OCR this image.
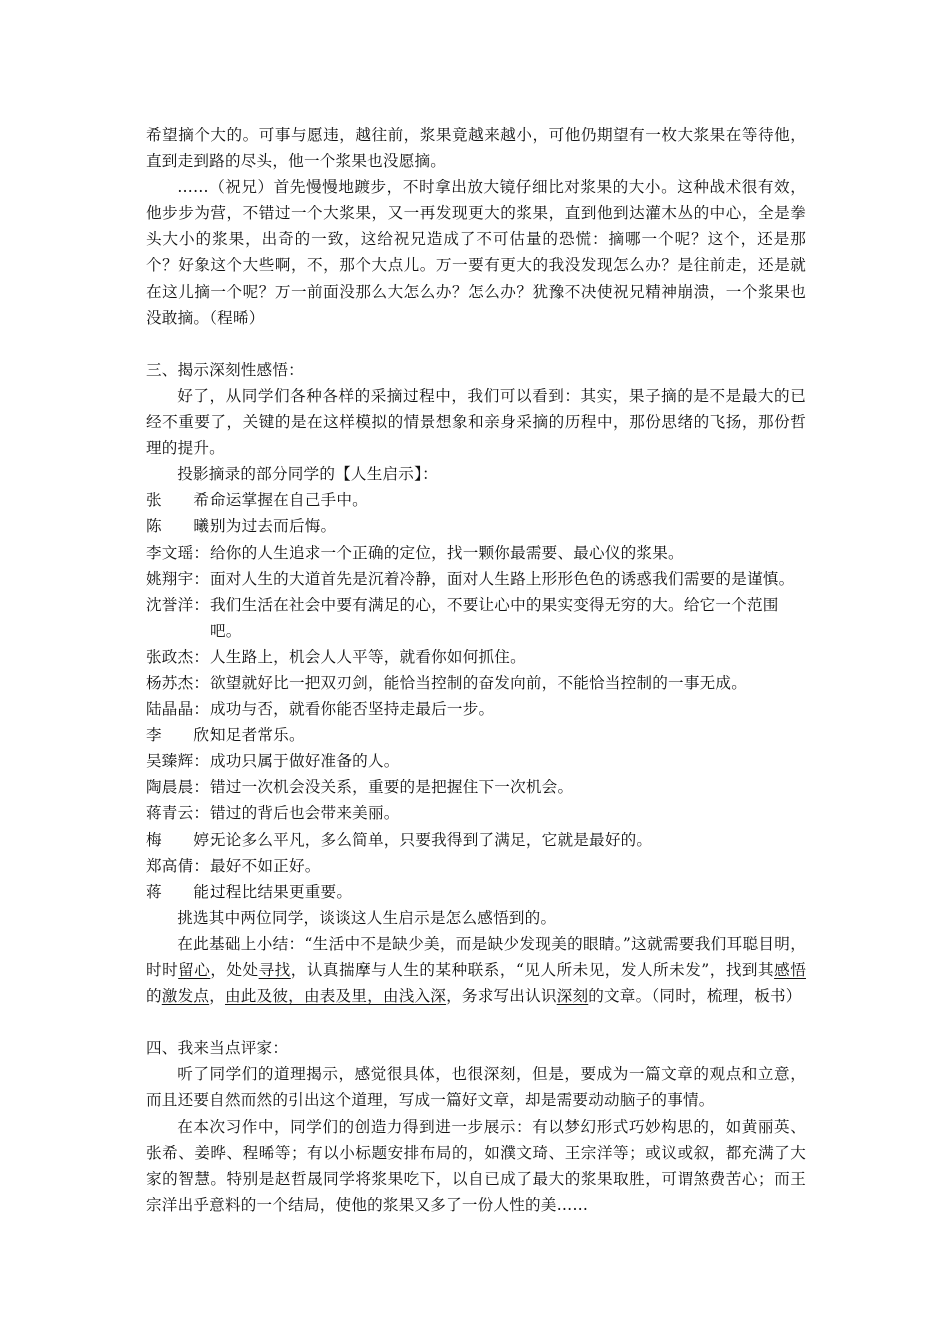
希望摘个大的。可事与愿违，越往前，浆果竟越来越小，可他仍期望有一枚大浆果在等待他，直到走到路的尽头，他一个浆果也没愿摘。

……（祝兄）首先慢慢地踱步，不时拿出放大镜仔细比对浆果的大小。这种战术很有效，他步步为营，不错过一个大浆果，又一再发现更大的浆果，直到他到达灌木丛的中心，全是拳头大小的浆果，出奇的一致，这给祝兄造成了不可估量的恐慌：摘哪一个呢？这个，还是那个？好象这个大些啊，不，那个大点儿。万一要有更大的我没发现怎么办？是往前走，还是就在这儿摘一个呢？万一前面没那么大怎么办？怎么办？犹豫不决使祝兄精神崩溃，一个浆果也没敢摘。（程晞）

三、揭示深刻性感悟：

好了，从同学们各种各样的采摘过程中，我们可以看到：其实，果子摘的是不是最大的已经不重要了，关键的是在这样模拟的情景想象和亲身采摘的历程中，那份思绪的飞扬，那份哲理的提升。

投影摘录的部分同学的【人生启示】：

张　　希：
命运掌握在自己手中。
陈　　曦：
别为过去而后悔。
李文瑶： 给你的人生追求一个正确的定位，找一颗你最需要、最心仪的浆果。
姚翔宇： 面对人生的大道首先是沉着冷静，面对人生路上形形色色的诱惑我们需要的是谨慎。
沈誉洋： 我们生活在社会中要有满足的心，不要让心中的果实变得无穷的大。给它一个范围吧。
张政杰： 人生路上，机会人人平等，就看你如何抓住。
杨苏杰： 欲望就好比一把双刃剑，能恰当控制的奋发向前，不能恰当控制的一事无成。
陆晶晶： 成功与否，就看你能否坚持走最后一步。
李　　欣：
知足者常乐。
吴臻辉： 成功只属于做好准备的人。
陶晨晨： 错过一次机会没关系，重要的是把握住下一次机会。
蒋青云： 错过的背后也会带来美丽。
梅　　婷：
无论多么平凡，多么简单，只要我得到了满足，它就是最好的。
郑高倩： 最好不如正好。
蒋　　能：
过程比结果更重要。

挑选其中两位同学，谈谈这人生启示是怎么感悟到的。

在此基础上小结：“生活中不是缺少美，而是缺少发现美的眼睛。”这就需要我们耳聪目明，时时留心，处处寻找，认真揣摩与人生的某种联系，“见人所未见，发人所未发”，找到其感悟的激发点，由此及彼，由表及里，由浅入深，务求写出认识深刻的文章。（同时，梳理，板书）

四、我来当点评家：

听了同学们的道理揭示，感觉很具体，也很深刻，但是，要成为一篇文章的观点和立意，而且还要自然而然的引出这个道理，写成一篇好文章，却是需要动动脑子的事情。

在本次习作中，同学们的创造力得到进一步展示：有以梦幻形式巧妙构思的，如黄丽英、张希、姜晔、程晞等；有以小标题安排布局的，如濮文琦、王宗洋等；或议或叙，都充满了大家的智慧。特别是赵哲晟同学将浆果吃下，以自已成了最大的浆果取胜，可谓煞费苦心；而王宗洋出乎意料的一个结局，使他的浆果又多了一份人性的美……
